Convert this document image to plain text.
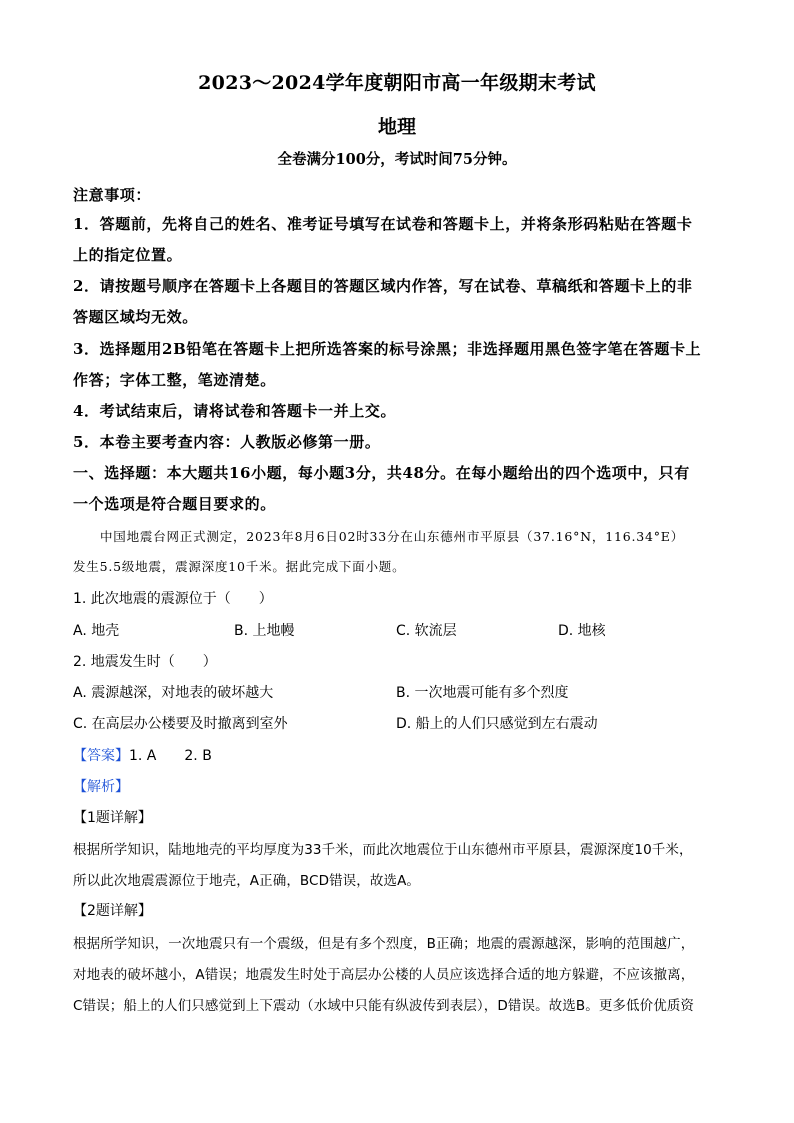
2023～2024学年度朝阳市高一年级期末考试
地理
全卷满分100分，考试时间75分钟。
注意事项：
1．答题前，先将自己的姓名、准考证号填写在试卷和答题卡上，并将条形码粘贴在答题卡
上的指定位置。
2．请按题号顺序在答题卡上各题目的答题区域内作答，写在试卷、草稿纸和答题卡上的非
答题区域均无效。
3．选择题用2B铅笔在答题卡上把所选答案的标号涂黑；非选择题用黑色签字笔在答题卡上
作答；字体工整，笔迹清楚。
4．考试结束后，请将试卷和答题卡一并上交。
5．本卷主要考查内容：人教版必修第一册。
一、选择题：本大题共16小题，每小题3分，共48分。在每小题给出的四个选项中，只有
一个选项是符合题目要求的。
中国地震台网正式测定，2023年8月6日02时33分在山东德州市平原县（37.16°N，116.34°E）
发生5.5级地震，震源深度10千米。据此完成下面小题。
1. 此次地震的震源位于（　　）
A. 地壳	B. 上地幔	C. 软流层	D. 地核
2. 地震发生时（　　）
A. 震源越深，对地表的破坏越大	B. 一次地震可能有多个烈度
C. 在高层办公楼要及时撤离到室外	D. 船上的人们只感觉到左右震动
【答案】1. A　　2. B
【解析】
【1题详解】
根据所学知识，陆地地壳的平均厚度为33千米，而此次地震位于山东德州市平原县，震源深度10千米，
所以此次地震震源位于地壳，A正确，BCD错误，故选A。
【2题详解】
根据所学知识，一次地震只有一个震级，但是有多个烈度，B正确；地震的震源越深，影响的范围越广，
对地表的破坏越小，A错误；地震发生时处于高层办公楼的人员应该选择合适的地方躲避，不应该撤离，
C错误；船上的人们只感觉到上下震动（水域中只能有纵波传到表层），D错误。故选B。更多低价优质资
